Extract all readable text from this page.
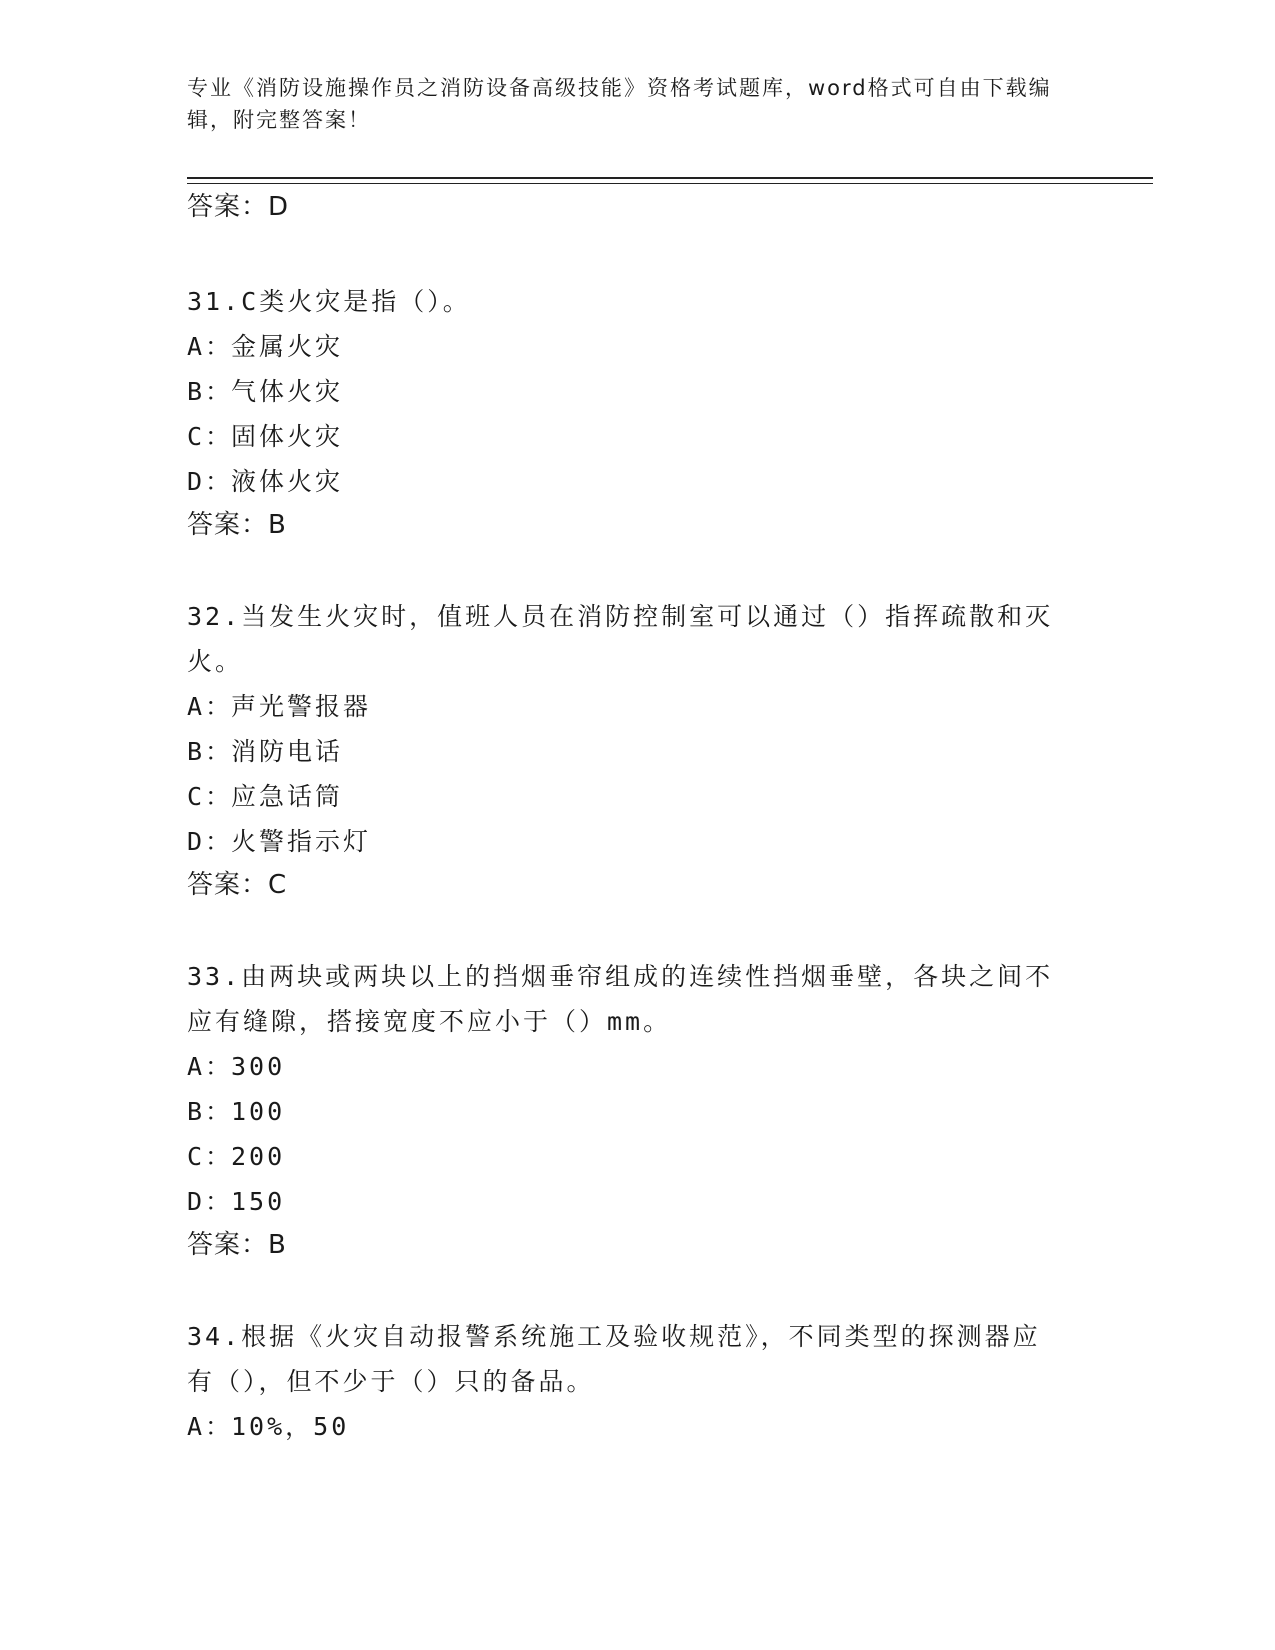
专业《消防设施操作员之消防设备高级技能》资格考试题库，word格式可自由下载编辑，附完整答案！

答案：D

31.C类火灾是指（）。

A：金属火灾

B：气体火灾

C：固体火灾

D：液体火灾

答案：B

32.当发生火灾时，值班人员在消防控制室可以通过（）指挥疏散和灭火。

A：声光警报器

B：消防电话

C：应急话筒

D：火警指示灯

答案：C

33.由两块或两块以上的挡烟垂帘组成的连续性挡烟垂壁，各块之间不应有缝隙，搭接宽度不应小于（）mm。

A：300

B：100

C：200

D：150

答案：B

34.根据《火灾自动报警系统施工及验收规范》，不同类型的探测器应有（），但不少于（）只的备品。

A：10%，50
